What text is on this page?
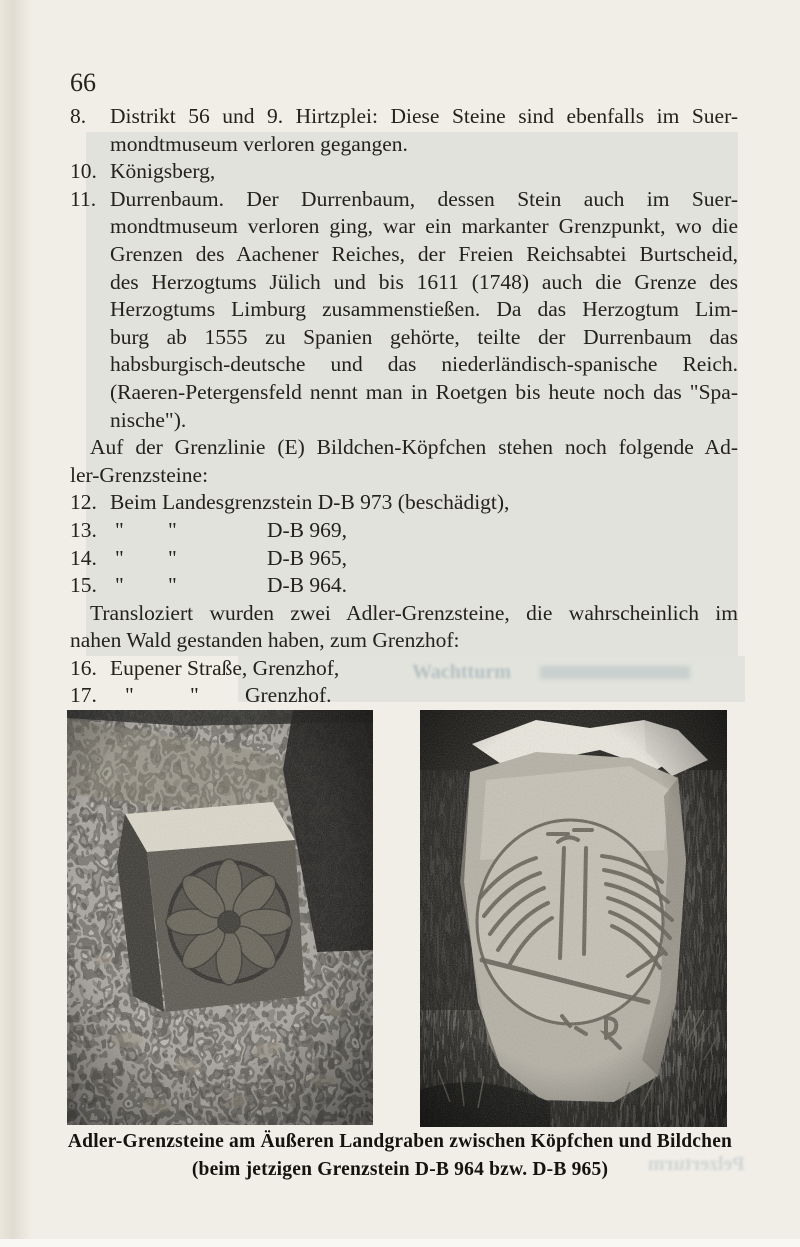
Wachtturm
Pelzerturm
66
8. Distrikt 56 und 9. Hirtzplei: Diese Steine sind ebenfalls im Suer-
mondtmuseum verloren gegangen.
10. Königsberg,
11. Durrenbaum. Der Durrenbaum, dessen Stein auch im Suer-
mondtmuseum verloren ging, war ein markanter Grenzpunkt, wo die
Grenzen des Aachener Reiches, der Freien Reichsabtei Burtscheid,
des Herzogtums Jülich und bis 1611 (1748) auch die Grenze des
Herzogtums Limburg zusammenstießen. Da das Herzogtum Lim-
burg ab 1555 zu Spanien gehörte, teilte der Durrenbaum das
habsburgisch-deutsche und das niederländisch-spanische Reich.
(Raeren-Petergensfeld nennt man in Roetgen bis heute noch das "Spa-
nische").
Auf der Grenzlinie (E) Bildchen-Köpfchen stehen noch folgende Ad-
ler-Grenzsteine:
12. Beim Landesgrenzstein D-B 973 (beschädigt),
13. " "	D-B 969,
14. " "	D-B 965,
15. " "	D-B 964.
Transloziert wurden zwei Adler-Grenzsteine, die wahrscheinlich im
nahen Wald gestanden haben, zum Grenzhof:
16. Eupener Straße, Grenzhof,
17. "	" Grenzhof.
Adler-Grenzsteine am Äußeren Landgraben zwischen Köpfchen und Bildchen
(beim jetzigen Grenzstein D-B 964 bzw. D-B 965)
